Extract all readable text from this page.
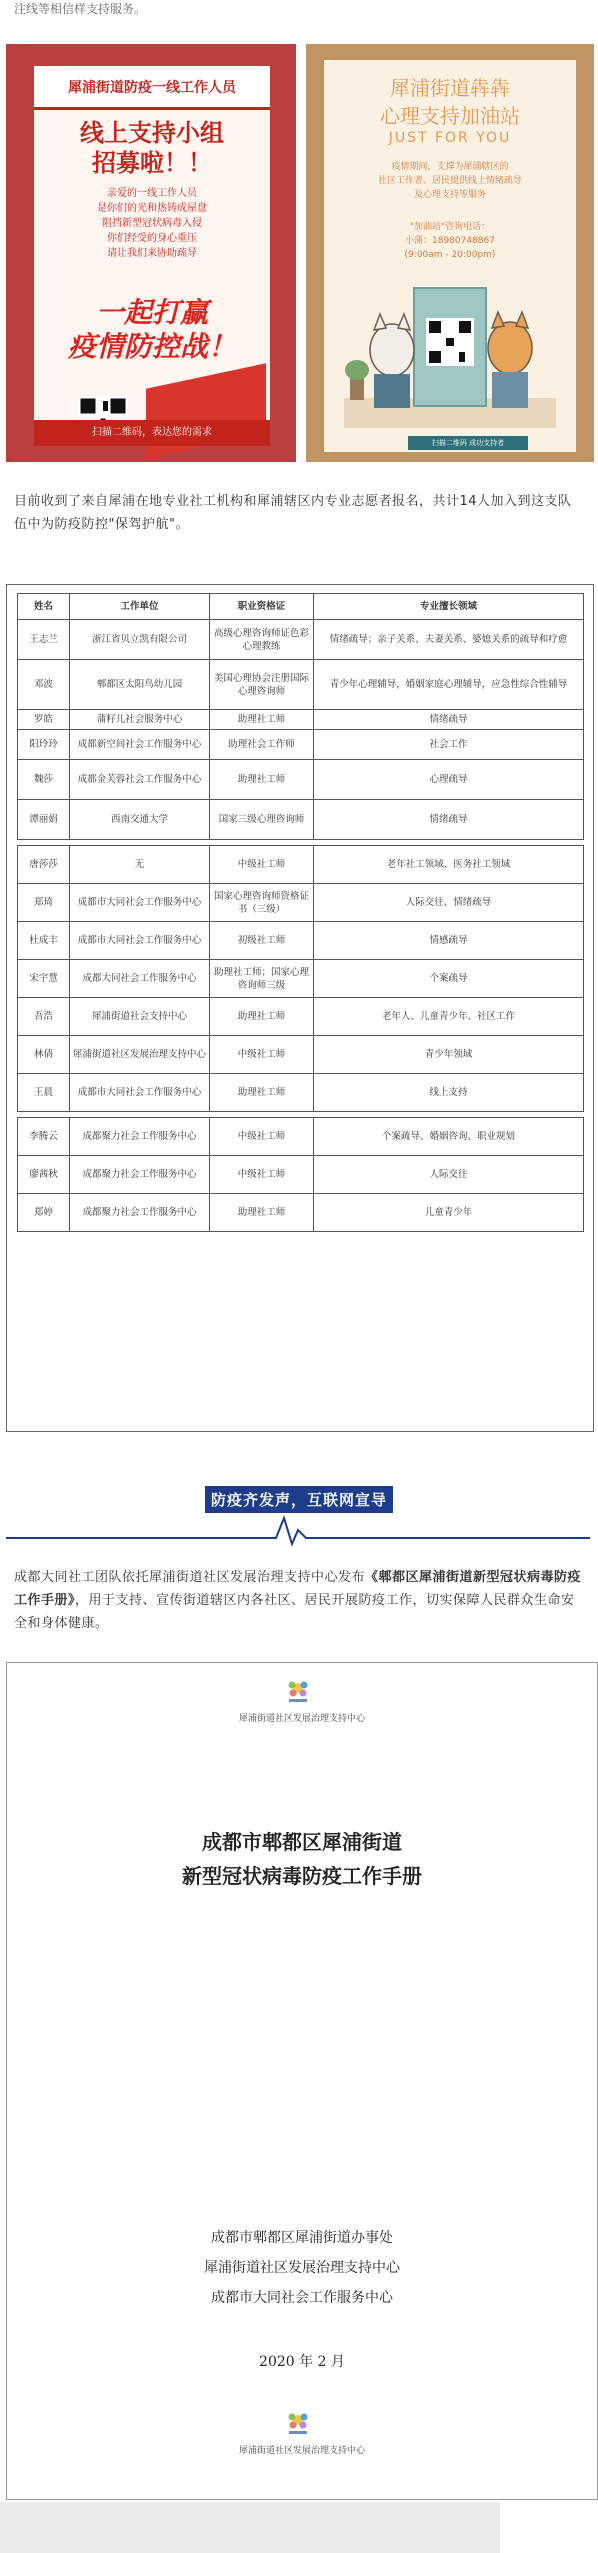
注线等相信样支持服务。
犀浦街道防疫一线工作人员
线上支持小组
招募啦！！
亲爱的一线工作人员
是你们的光和热铸成屋盘
阻挡新型冠状病毒入侵
你们经受的身心重压
请让我们来协助疏导
一起打赢
疫情防控战！
扫描二维码，表达您的需求
犀浦街道犇犇
心理支持加油站
JUST FOR YOU
疫情期间，支撑为犀浦辖区的
社区工作者、居民提供线上情绪疏导
及心理支持等服务
"加油站"咨询电话：
小蒲：18980748867
(9:00am - 20:00pm)
扫描二维码 成功支持者
目前收到了来自犀浦在地专业社工机构和犀浦辖区内专业志愿者报名，共计14人加入到这支队伍中为防疫防控"保驾护航"。
姓名	工作单位	职业资格证	专业擅长领域
王志兰	浙江省贝立凯有限公司	高级心理咨询师证色彩心理教练	情绪疏导；亲子关系、夫妻关系、婆媳关系的疏导和疗愈
邓波	郫都区太阳鸟幼儿园	美国心理协会注册国际心理咨询师	青少年心理辅导，婚姻家庭心理辅导，应急性综合性辅导
罗皓	蒲籽儿社会服务中心	助理社工师	情绪疏导
阳玲玲	成都新空间社会工作服务中心	助理社会工作师	社会工作
魏莎	成都金芙蓉社会工作服务中心	助理社工师	心理疏导
谭丽娟	西南交通大学	国家三级心理咨询师	情绪疏导

唐莎莎	无	中级社工师	老年社工领域、医务社工领域
郑琦	成都市大同社会工作服务中心	国家心理咨询师资格证书（三级）	人际交往、情绪疏导
杜成丰	成都市大同社会工作服务中心	初级社工师	情感疏导
宋宇慧	成都大同社会工作服务中心	助理社工师；国家心理咨询师三级	个案疏导
吾浩	犀浦街道社会支持中心	助理社工师	老年人、儿童青少年、社区工作
林倩	犀浦街道社区发展治理支持中心	中级社工师	青少年领域
王晨	成都市大同社会工作服务中心	助理社工师	线上支持

李腾云	成都聚力社会工作服务中心	中级社工师	个案疏导、婚姻咨询、职业规划
廖茜秋	成都聚力社会工作服务中心	中级社工师	人际交往
郑婷	成都聚力社会工作服务中心	助理社工师	儿童青少年
防疫齐发声，互联网宣导
成都大同社工团队依托犀浦街道社区发展治理支持中心发布《郫都区犀浦街道新型冠状病毒防疫工作手册》，用于支持、宣传街道辖区内各社区、居民开展防疫工作，切实保障人民群众生命安全和身体健康。
犀浦街道社区发展治理支持中心
成都市郫都区犀浦街道
新型冠状病毒防疫工作手册
成都市郫都区犀浦街道办事处
犀浦街道社区发展治理支持中心
成都市大同社会工作服务中心
2020 年 2 月
犀浦街道社区发展治理支持中心
